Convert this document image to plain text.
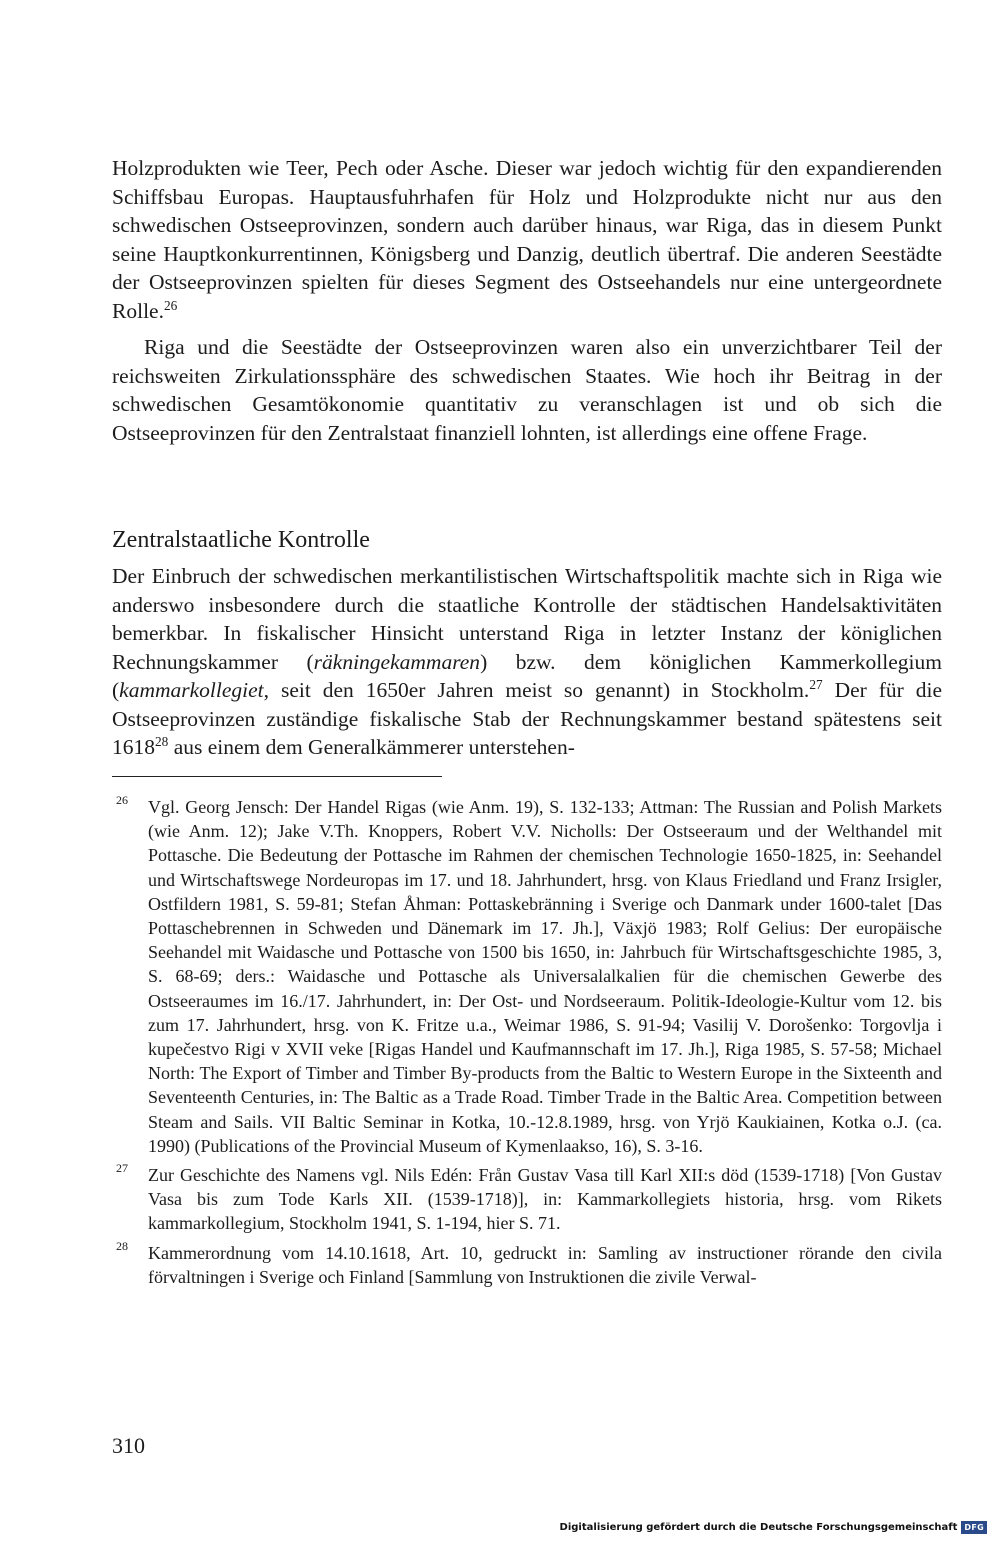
Holzprodukten wie Teer, Pech oder Asche. Dieser war jedoch wichtig für den expandierenden Schiffsbau Europas. Hauptausfuhrhafen für Holz und Holzprodukte nicht nur aus den schwedischen Ostseeprovinzen, sondern auch darüber hinaus, war Riga, das in diesem Punkt seine Hauptkonkurrentinnen, Königsberg und Danzig, deutlich übertraf. Die anderen Seestädte der Ostseeprovinzen spielten für dieses Segment des Ostseehandels nur eine untergeordnete Rolle.$^{26}$

Riga und die Seestädte der Ostseeprovinzen waren also ein unverzichtbarer Teil der reichsweiten Zirkulationssphäre des schwedischen Staates. Wie hoch ihr Beitrag in der schwedischen Gesamtökonomie quantitativ zu veranschlagen ist und ob sich die Ostseeprovinzen für den Zentralstaat finanziell lohnten, ist allerdings eine offene Frage.

Zentralstaatliche Kontrolle

Der Einbruch der schwedischen merkantilistischen Wirtschaftspolitik machte sich in Riga wie anderswo insbesondere durch die staatliche Kontrolle der städtischen Handelsaktivitäten bemerkbar. In fiskalischer Hinsicht unterstand Riga in letzter Instanz der königlichen Rechnungskammer (räkningekammaren) bzw. dem königlichen Kammerkollegium (kammarkollegiet, seit den 1650er Jahren meist so genannt) in Stockholm.$^{27}$ Der für die Ostseeprovinzen zuständige fiskalische Stab der Rechnungskammer bestand spätestens seit 1618$^{28}$ aus einem dem Generalkämmerer unterstehen-

26 Vgl. Georg Jensch: Der Handel Rigas (wie Anm. 19), S. 132-133; Attman: The Russian and Polish Markets (wie Anm. 12); Jake V.Th. Knoppers, Robert V.V. Nicholls: Der Ostseeraum und der Welthandel mit Pottasche. Die Bedeutung der Pottasche im Rahmen der chemischen Technologie 1650-1825, in: Seehandel und Wirtschaftswege Nordeuropas im 17. und 18. Jahrhundert, hrsg. von Klaus Friedland und Franz Irsigler, Ostfildern 1981, S. 59-81; Stefan Åhman: Pottaskebränning i Sverige och Danmark under 1600-talet [Das Pottaschebrennen in Schweden und Dänemark im 17. Jh.], Växjö 1983; Rolf Gelius: Der europäische Seehandel mit Waidasche und Pottasche von 1500 bis 1650, in: Jahrbuch für Wirtschaftsgeschichte 1985, 3, S. 68-69; ders.: Waidasche und Pottasche als Universalalkalien für die chemischen Gewerbe des Ostseeraumes im 16./17. Jahrhundert, in: Der Ost- und Nordseeraum. Politik-Ideologie-Kultur vom 12. bis zum 17. Jahrhundert, hrsg. von K. Fritze u.a., Weimar 1986, S. 91-94; Vasilij V. Dorošenko: Torgovlja i kupečestvo Rigi v XVII veke [Rigas Handel und Kaufmannschaft im 17. Jh.], Riga 1985, S. 57-58; Michael North: The Export of Timber and Timber By-products from the Baltic to Western Europe in the Sixteenth and Seventeenth Centuries, in: The Baltic as a Trade Road. Timber Trade in the Baltic Area. Competition between Steam and Sails. VII Baltic Seminar in Kotka, 10.-12.8.1989, hrsg. von Yrjö Kaukiainen, Kotka o.J. (ca. 1990) (Publications of the Provincial Museum of Kymenlaakso, 16), S. 3-16.
27 Zur Geschichte des Namens vgl. Nils Edén: Från Gustav Vasa till Karl XII:s död (1539-1718) [Von Gustav Vasa bis zum Tode Karls XII. (1539-1718)], in: Kammarkollegiets historia, hrsg. vom Rikets kammarkollegium, Stockholm 1941, S. 1-194, hier S. 71.
28 Kammerordnung vom 14.10.1618, Art. 10, gedruckt in: Samling av instructioner rörande den civila förvaltningen i Sverige och Finland [Sammlung von Instruktionen die zivile Verwal-
310
Digitalisierung gefördert durch die Deutsche Forschungsgemeinschaft DFG
